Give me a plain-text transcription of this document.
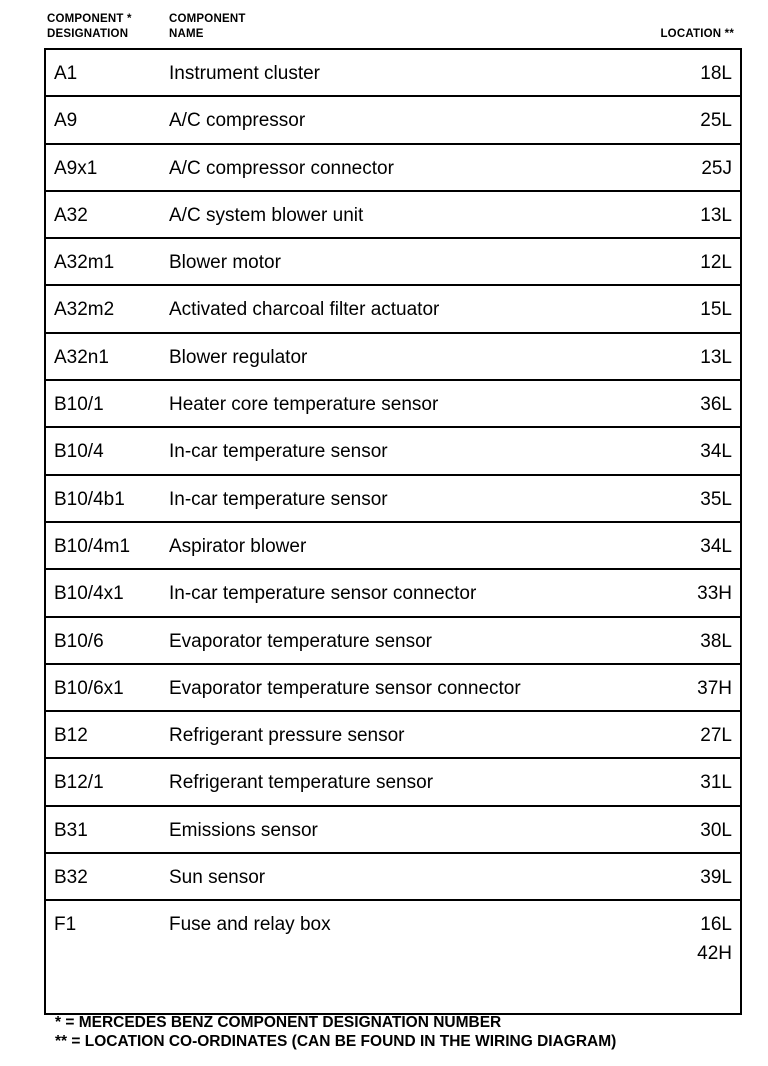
COMPONENT *
DESIGNATION
COMPONENT
NAME	LOCATION **
A1	Instrument cluster	18L
A9	A/C compressor	25L
A9x1	A/C compressor connector	25J
A32	A/C system blower unit	13L
A32m1	Blower motor	12L
A32m2	Activated charcoal filter actuator	15L
A32n1	Blower regulator	13L
B10/1	Heater core temperature sensor	36L
B10/4	In-car temperature sensor	34L
B10/4b1 In-car temperature sensor	35L
B10/4m1 Aspirator blower	34L
B10/4x1 In-car temperature sensor connector	33H
B10/6	Evaporator temperature sensor	38L
B10/6x1 Evaporator temperature sensor connector	37H
B12	Refrigerant pressure sensor	27L
B12/1	Refrigerant temperature sensor	31L
B31	Emissions sensor	30L
B32	Sun sensor	39L
F1	Fuse and relay box	16L
42H
* = MERCEDES BENZ COMPONENT DESIGNATION NUMBER
** = LOCATION CO-ORDINATES (CAN BE FOUND IN THE WIRING DIAGRAM)
